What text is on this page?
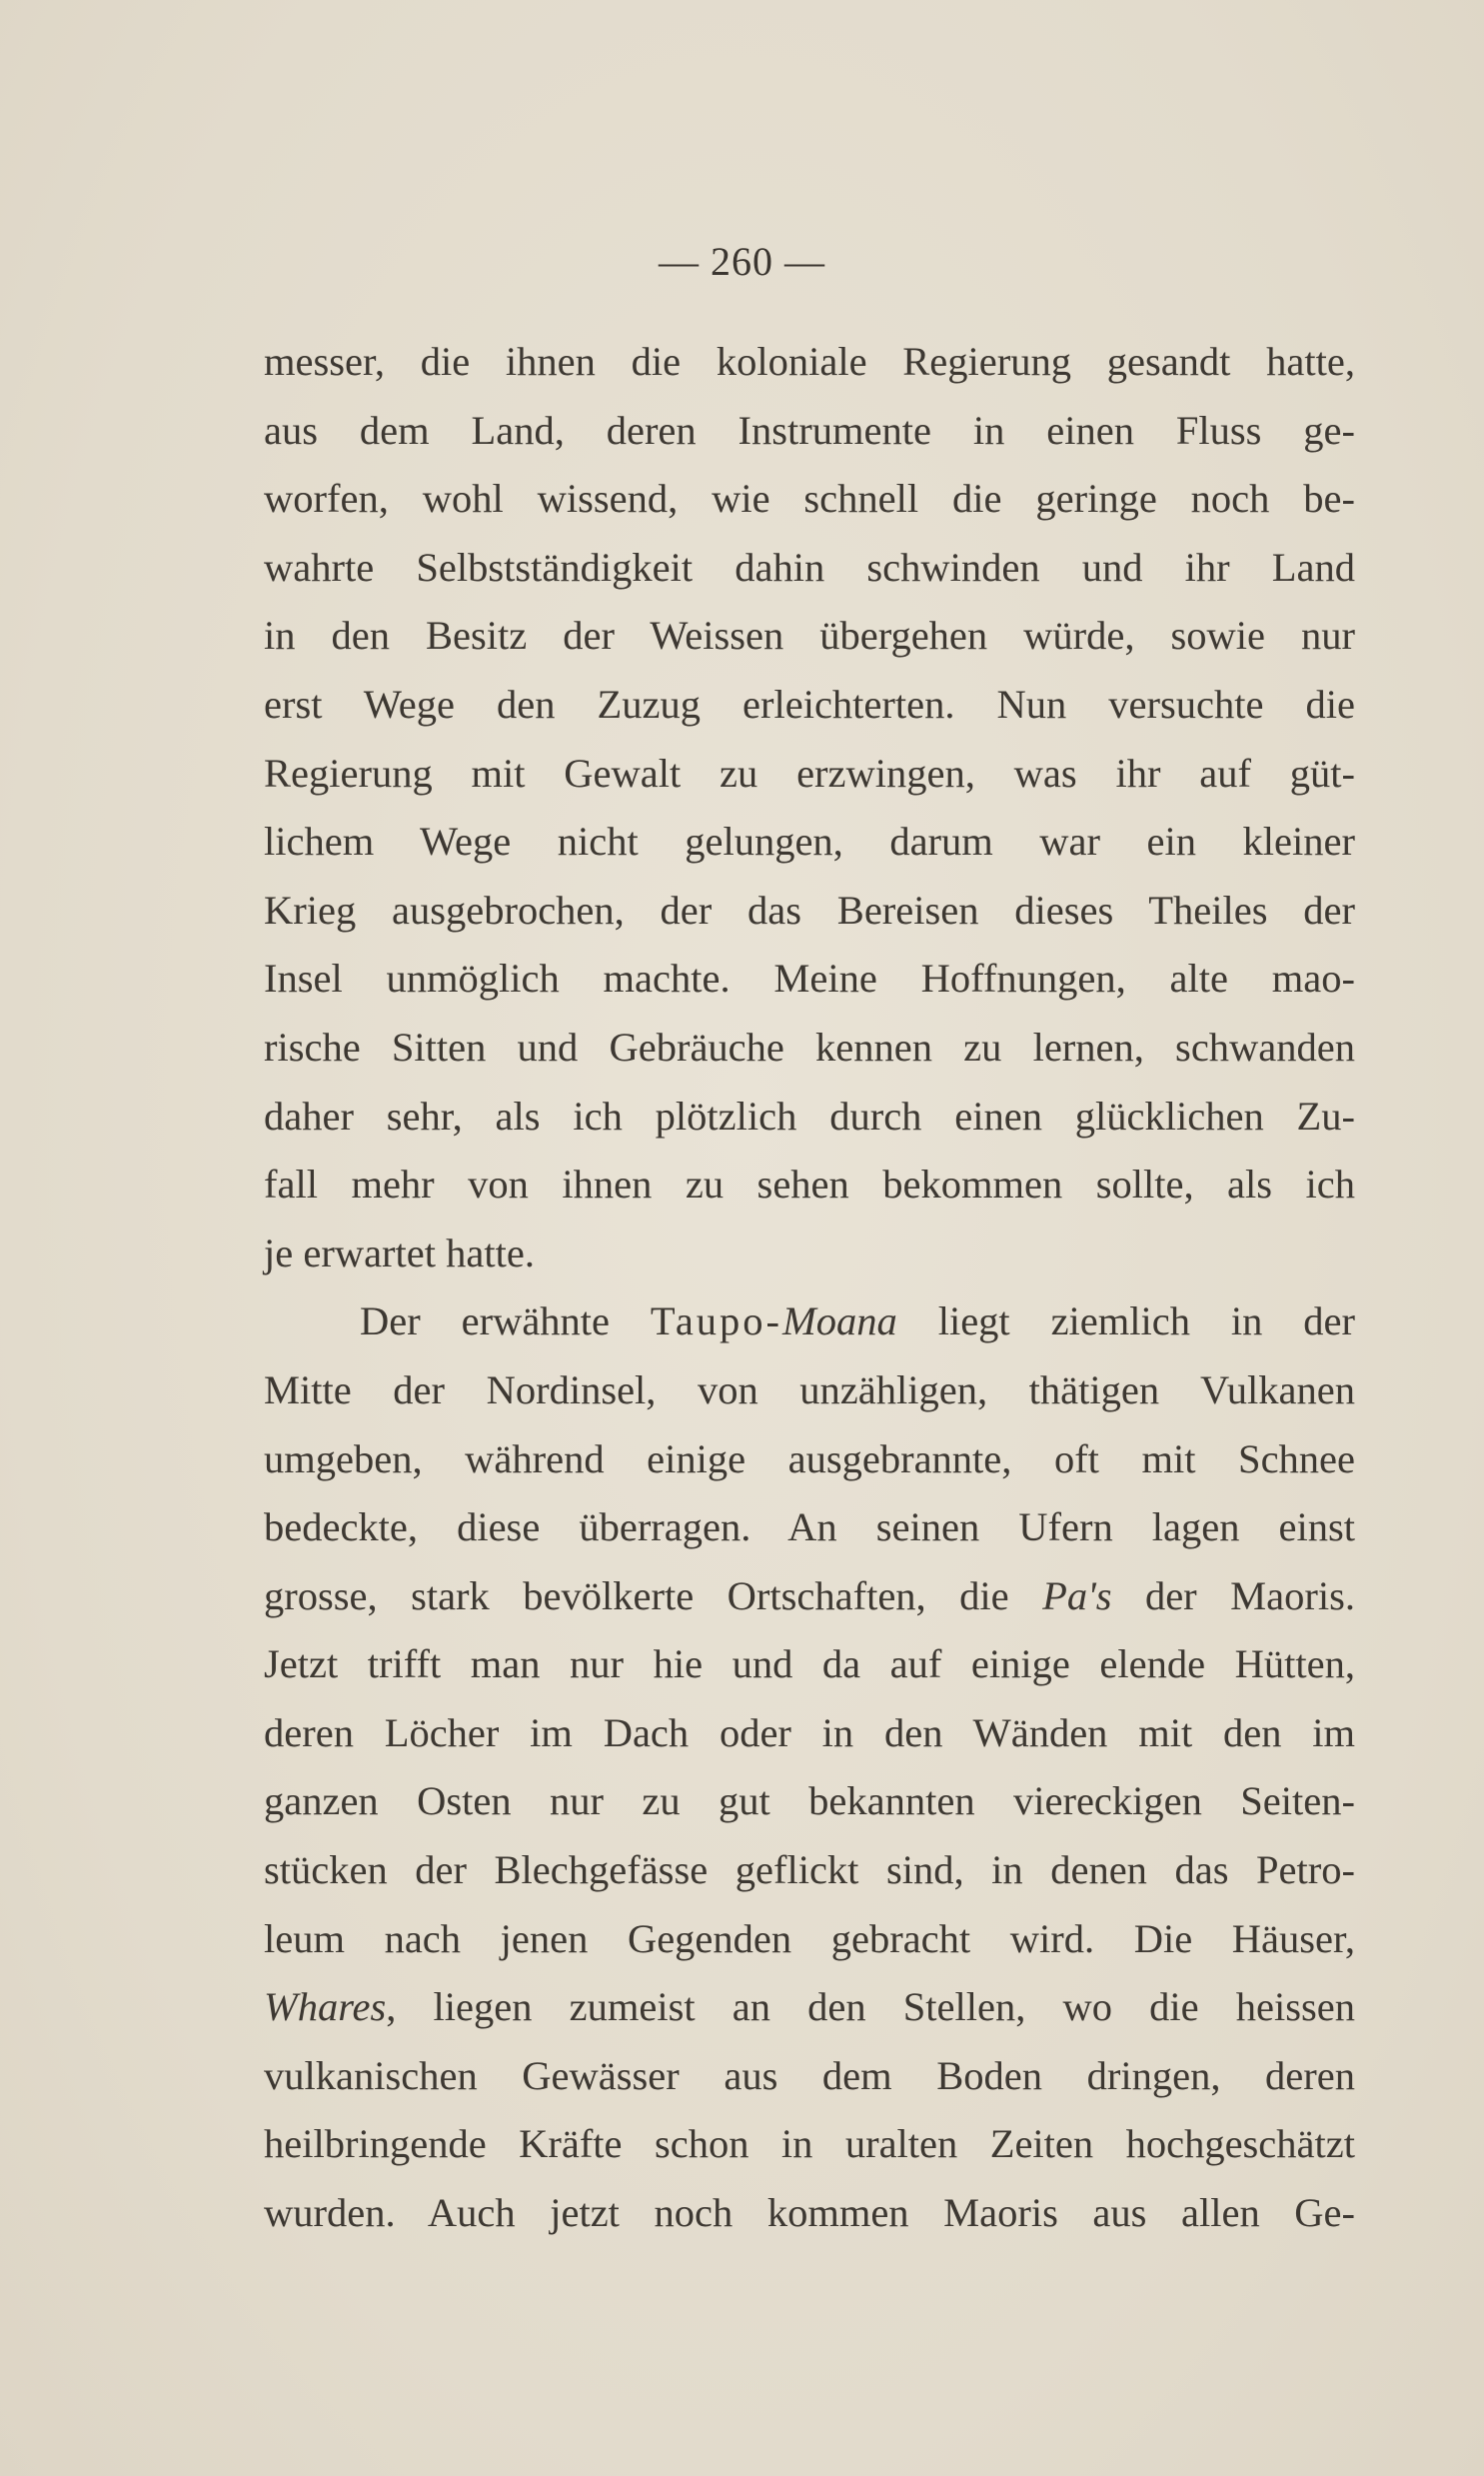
— 260 —
messer, die ihnen die koloniale Regierung gesandt hatte,
aus dem Land, deren Instrumente in einen Fluss ge-
worfen, wohl wissend, wie schnell die geringe noch be-
wahrte Selbstständigkeit dahin schwinden und ihr Land
in den Besitz der Weissen übergehen würde, sowie nur
erst Wege den Zuzug erleichterten. Nun versuchte die
Regierung mit Gewalt zu erzwingen, was ihr auf güt-
lichem Wege nicht gelungen, darum war ein kleiner
Krieg ausgebrochen, der das Bereisen dieses Theiles der
Insel unmöglich machte. Meine Hoffnungen, alte mao-
rische Sitten und Gebräuche kennen zu lernen, schwanden
daher sehr, als ich plötzlich durch einen glücklichen Zu-
fall mehr von ihnen zu sehen bekommen sollte, als ich
je erwartet hatte.
Der erwähnte Taupo-Moana liegt ziemlich in der
Mitte der Nordinsel, von unzähligen, thätigen Vulkanen
umgeben, während einige ausgebrannte, oft mit Schnee
bedeckte, diese überragen. An seinen Ufern lagen einst
grosse, stark bevölkerte Ortschaften, die Pa's der Maoris.
Jetzt trifft man nur hie und da auf einige elende Hütten,
deren Löcher im Dach oder in den Wänden mit den im
ganzen Osten nur zu gut bekannten viereckigen Seiten-
stücken der Blechgefässe geflickt sind, in denen das Petro-
leum nach jenen Gegenden gebracht wird. Die Häuser,
Whares, liegen zumeist an den Stellen, wo die heissen
vulkanischen Gewässer aus dem Boden dringen, deren
heilbringende Kräfte schon in uralten Zeiten hochgeschätzt
wurden. Auch jetzt noch kommen Maoris aus allen Ge-
